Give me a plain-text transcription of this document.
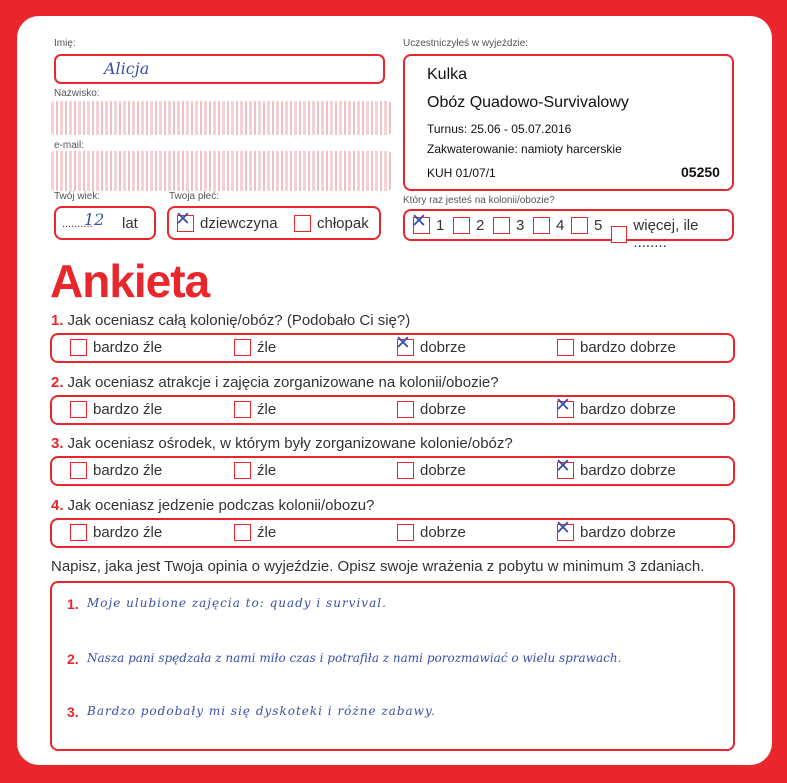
Imię:
Alicja
Nazwisko:
e-mail:
Twój wiek:
..........
12 lat
Twoja płeć:
✕ dziewczyna	chłopak
Uczestniczyłeś w wyjeździe:
Kulka
Obóz Quadowo-Survivalowy
Turnus: 25.06 - 05.07.2016
Zakwaterowanie: namioty harcerskie
KUH 01/07/1	05250
Który raz jesteś na kolonii/obozie?
✕ 1 2 3 4 5 więcej, ile ........
Ankieta
1. Jak oceniasz całą kolonię/obóz? (Podobało Ci się?)
bardzo źle	źle	✕ dobrze	bardzo dobrze
2. Jak oceniasz atrakcje i zajęcia zorganizowane na kolonii/obozie?
bardzo źle	źle	dobrze	✕ bardzo dobrze
3. Jak oceniasz ośrodek, w którym były zorganizowane kolonie/obóz?
bardzo źle	źle	dobrze	✕ bardzo dobrze
4. Jak oceniasz jedzenie podczas kolonii/obozu?
bardzo źle	źle	dobrze	✕ bardzo dobrze
Napisz, jaka jest Twoja opinia o wyjeździe. Opisz swoje wrażenia z pobytu w minimum 3 zdaniach.
1. Moje ulubione zajęcia to: quady i survival.
2. Nasza pani spędzała z nami miło czas i potrafiła z nami porozmawiać o wielu sprawach.
3. Bardzo podobały mi się dyskoteki i różne zabawy.
